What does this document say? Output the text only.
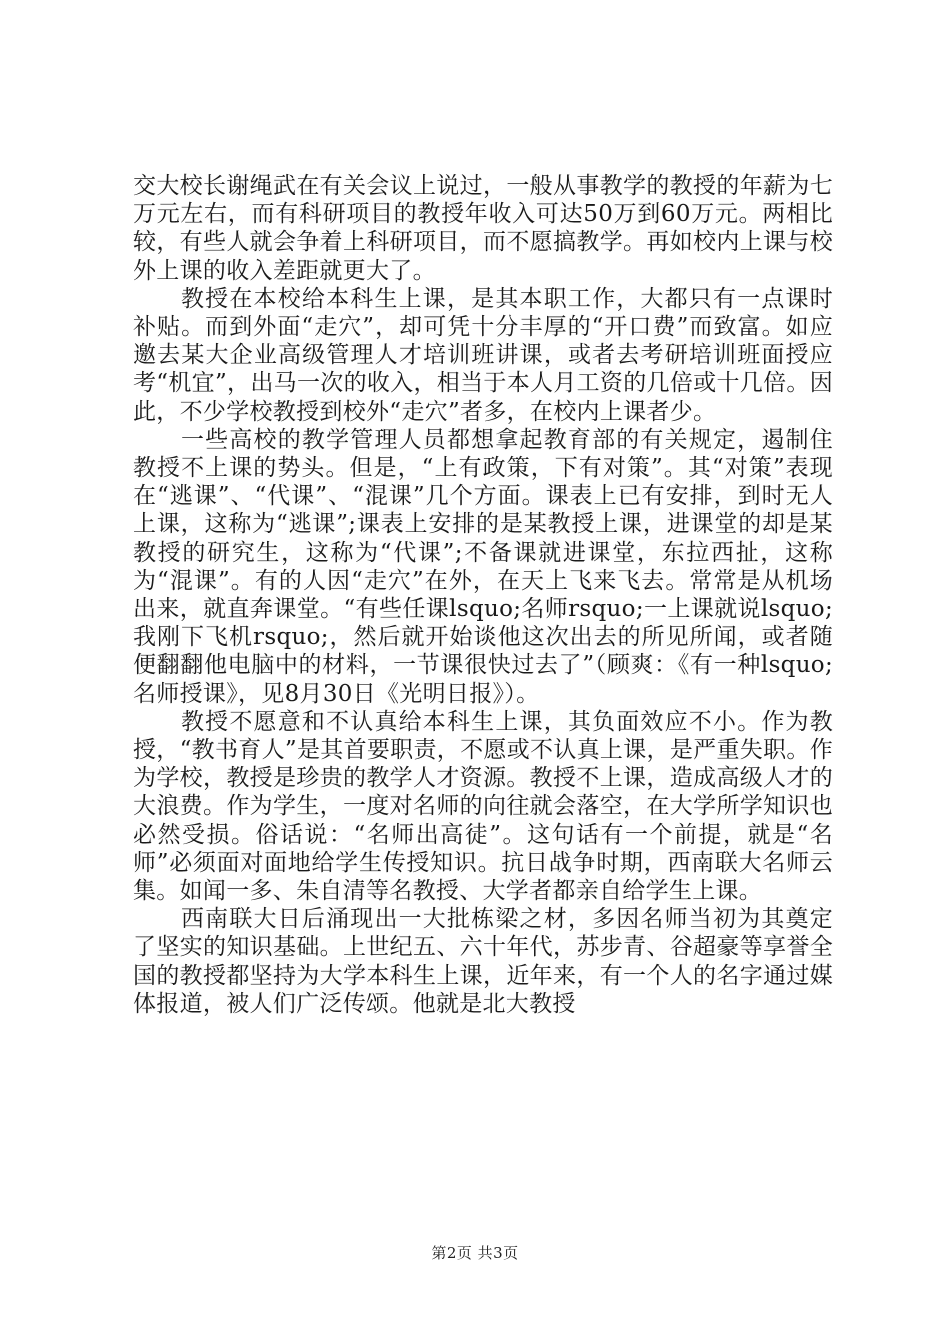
交大校长谢绳武在有关会议上说过，一般从事教学的教授的年薪为七万元左右，而有科研项目的教授年收入可达50万到60万元。两相比较，有些人就会争着上科研项目，而不愿搞教学。再如校内上课与校外上课的收入差距就更大了。

教授在本校给本科生上课，是其本职工作，大都只有一点课时补贴。而到外面“走穴”，却可凭十分丰厚的“开口费”而致富。如应邀去某大企业高级管理人才培训班讲课，或者去考研培训班面授应考“机宜”，出马一次的收入，相当于本人月工资的几倍或十几倍。因此，不少学校教授到校外“走穴”者多，在校内上课者少。

一些高校的教学管理人员都想拿起教育部的有关规定，遏制住教授不上课的势头。但是，“上有政策，下有对策”。其“对策”表现在“逃课”、“代课”、“混课”几个方面。课表上已有安排，到时无人上课，这称为“逃课”;课表上安排的是某教授上课，进课堂的却是某教授的研究生，这称为“代课”;不备课就进课堂，东拉西扯，这称为“混课”。有的人因“走穴”在外，在天上飞来飞去。常常是从机场出来，就直奔课堂。“有些任课lsquo;名师rsquo;一上课就说lsquo;我刚下飞机rsquo;，然后就开始谈他这次出去的所见所闻，或者随便翻翻他电脑中的材料，一节课很快过去了”（顾爽：《有一种lsquo;名师授课》，见8月30日《光明日报》）。

教授不愿意和不认真给本科生上课，其负面效应不小。作为教授，“教书育人”是其首要职责，不愿或不认真上课，是严重失职。作为学校，教授是珍贵的教学人才资源。教授不上课，造成高级人才的大浪费。作为学生，一度对名师的向往就会落空，在大学所学知识也必然受损。俗话说：“名师出高徒”。这句话有一个前提，就是“名师”必须面对面地给学生传授知识。抗日战争时期，西南联大名师云集。如闻一多、朱自清等名教授、大学者都亲自给学生上课。

西南联大日后涌现出一大批栋梁之材，多因名师当初为其奠定了坚实的知识基础。上世纪五、六十年代，苏步青、谷超豪等享誉全国的教授都坚持为大学本科生上课，近年来，有一个人的名字通过媒体报道，被人们广泛传颂。他就是北大教授

第2页 共3页
